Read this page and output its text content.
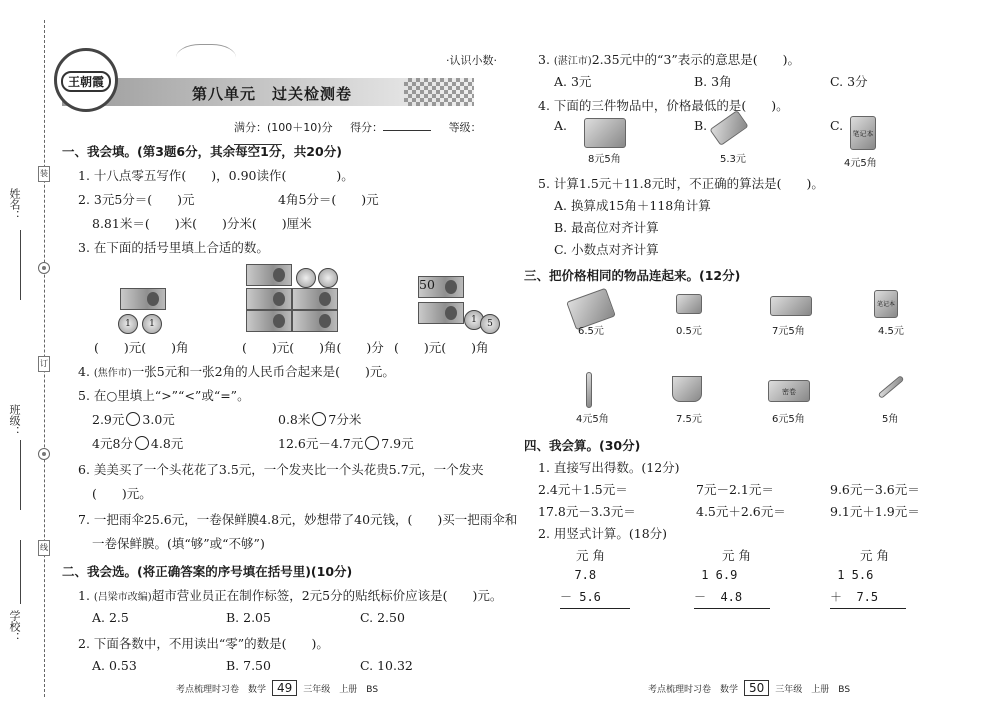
姓名：
班级：
学校：
装
订
线
·认识小数·
第八单元　过关检测卷
王朝霞
满分：(100＋10)分 得分：	等级：
一、我会填。(第3题6分，其余每空1分，共20分)
1. 十八点零五写作(　　)，0.90读作(　　　　)。
2. 3元5分＝(　　)元	4角5分＝(　　)元
8.81米＝(　　)米(　　)分米(　　)厘米
3. 在下面的括号里填上合适的数。
1	1
50
1	5
(　　)元(　　)角	(　　)元(　　)角(　　)分 (　　)元(　　)角
4. (焦作市)一张5元和一张2角的人民币合起来是(　　)元。
5. 在○里填上“>”“<”或“=”。
2.9元 3.0元	0.8米 7分米
4元8分 4.8元	12.6元－4.7元 7.9元
6. 美美买了一个头花花了3.5元，一个发夹比一个头花贵5.7元，一个发夹
(　　)元。
7. 一把雨伞25.6元，一卷保鲜膜4.8元，妙想带了40元钱，(　　)买一把雨伞和
一卷保鲜膜。(填“够”或“不够”)
二、我会选。(将正确答案的序号填在括号里)(10分)
1. (吕梁市改编)超市营业员正在制作标签，2元5分的贴纸标价应该是(　　)元。
A. 2.5	B. 2.05	C. 2.50
2. 下面各数中，不用读出“零”的数是(　　)。
A. 0.53	B. 7.50	C. 10.32
考点梳理时习卷　数学 49 三年级　上册　BS
3. (湛江市)2.35元中的“3”表示的意思是(　　)。
A. 3元	B. 3角	C. 3分
4. 下面的三件物品中，价格最低的是(　　)。
A.
8元5角
B.
5.3元
C.
笔记本
4元5角
5. 计算1.5元＋11.8元时，不正确的算法是(　　)。
A. 换算成15角＋118角计算
B. 最高位对齐计算
C. 小数点对齐计算
三、把价格相同的物品连起来。(12分)
6.5元	0.5元	7元5角
笔记本
4.5元
4元5角	7.5元
密卷
6元5角	5角
四、我会算。(30分)
1. 直接写出得数。(12分)
2.4元＋1.5元＝	7元－2.1元＝	9.6元－3.6元＝
17.8元－3.3元＝	4.5元＋2.6元＝	9.1元＋1.9元＝
2. 用竖式计算。(18分)
元 角
7.8

－ 5.6
元 角
1 6.9

－  4.8
元 角
1 5.6

＋  7.5
考点梳理时习卷　数学 50 三年级　上册　BS
